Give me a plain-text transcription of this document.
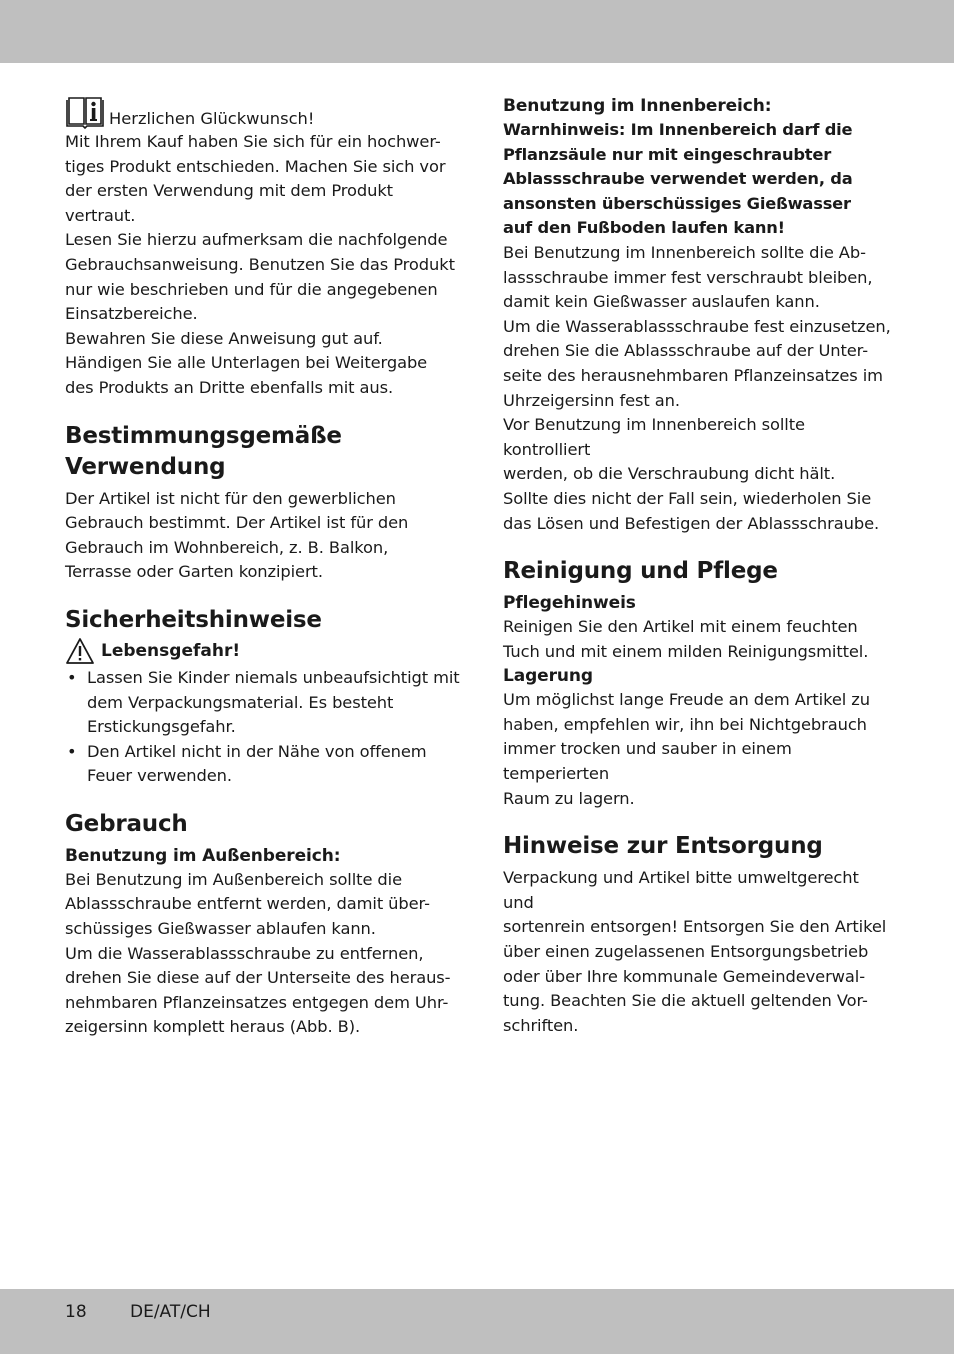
Herzlichen Glückwunsch!

Mit Ihrem Kauf haben Sie sich für ein hochwer-
tiges Produkt entschieden. Machen Sie sich vor
der ersten Verwendung mit dem Produkt vertraut.
Lesen Sie hierzu aufmerksam die nachfolgende
Gebrauchsanweisung. Benutzen Sie das Produkt
nur wie beschrieben und für die angegebenen
Einsatzbereiche.
Bewahren Sie diese Anweisung gut auf.
Händigen Sie alle Unterlagen bei Weitergabe
des Produkts an Dritte ebenfalls mit aus.

Bestimmungsgemäße
Verwendung

Der Artikel ist nicht für den gewerblichen
Gebrauch bestimmt. Der Artikel ist für den
Gebrauch im Wohnbereich, z. B. Balkon,
Terrasse oder Garten konzipiert.

Sicherheitshinweise

Lebensgefahr!
• Lassen Sie Kinder niemals unbeaufsichtigt mit dem Verpackungsmaterial. Es besteht Erstickungsgefahr.
• Den Artikel nicht in der Nähe von offenem Feuer verwenden.

Gebrauch

Benutzung im Außenbereich:

Bei Benutzung im Außenbereich sollte die
Ablassschraube entfernt werden, damit über-
schüssiges Gießwasser ablaufen kann.
Um die Wasserablassschraube zu entfernen,
drehen Sie diese auf der Unterseite des heraus-
nehmbaren Pflanzeinsatzes entgegen dem Uhr-
zeigersinn komplett heraus (Abb. B).

Benutzung im Innenbereich:

Warnhinweis: Im Innenbereich darf die
Pflanzsäule nur mit eingeschraubter
Ablassschraube verwendet werden, da
ansonsten überschüssiges Gießwasser
auf den Fußboden laufen kann!

Bei Benutzung im Innenbereich sollte die Ab-
lassschraube immer fest verschraubt bleiben,
damit kein Gießwasser auslaufen kann.
Um die Wasserablassschraube fest einzusetzen,
drehen Sie die Ablassschraube auf der Unter-
seite des herausnehmbaren Pflanzeinsatzes im
Uhrzeigersinn fest an.
Vor Benutzung im Innenbereich sollte kontrolliert
werden, ob die Verschraubung dicht hält.
Sollte dies nicht der Fall sein, wiederholen Sie
das Lösen und Befestigen der Ablassschraube.

Reinigung und Pflege

Pflegehinweis

Reinigen Sie den Artikel mit einem feuchten
Tuch und mit einem milden Reinigungsmittel.

Lagerung

Um möglichst lange Freude an dem Artikel zu
haben, empfehlen wir, ihn bei Nichtgebrauch
immer trocken und sauber in einem temperierten
Raum zu lagern.

Hinweise zur Entsorgung

Verpackung und Artikel bitte umweltgerecht und
sortenrein entsorgen! Entsorgen Sie den Artikel
über einen zugelassenen Entsorgungsbetrieb
oder über Ihre kommunale Gemeindeverwal-
tung. Beachten Sie die aktuell geltenden Vor-
schriften.

18	DE/AT/CH
